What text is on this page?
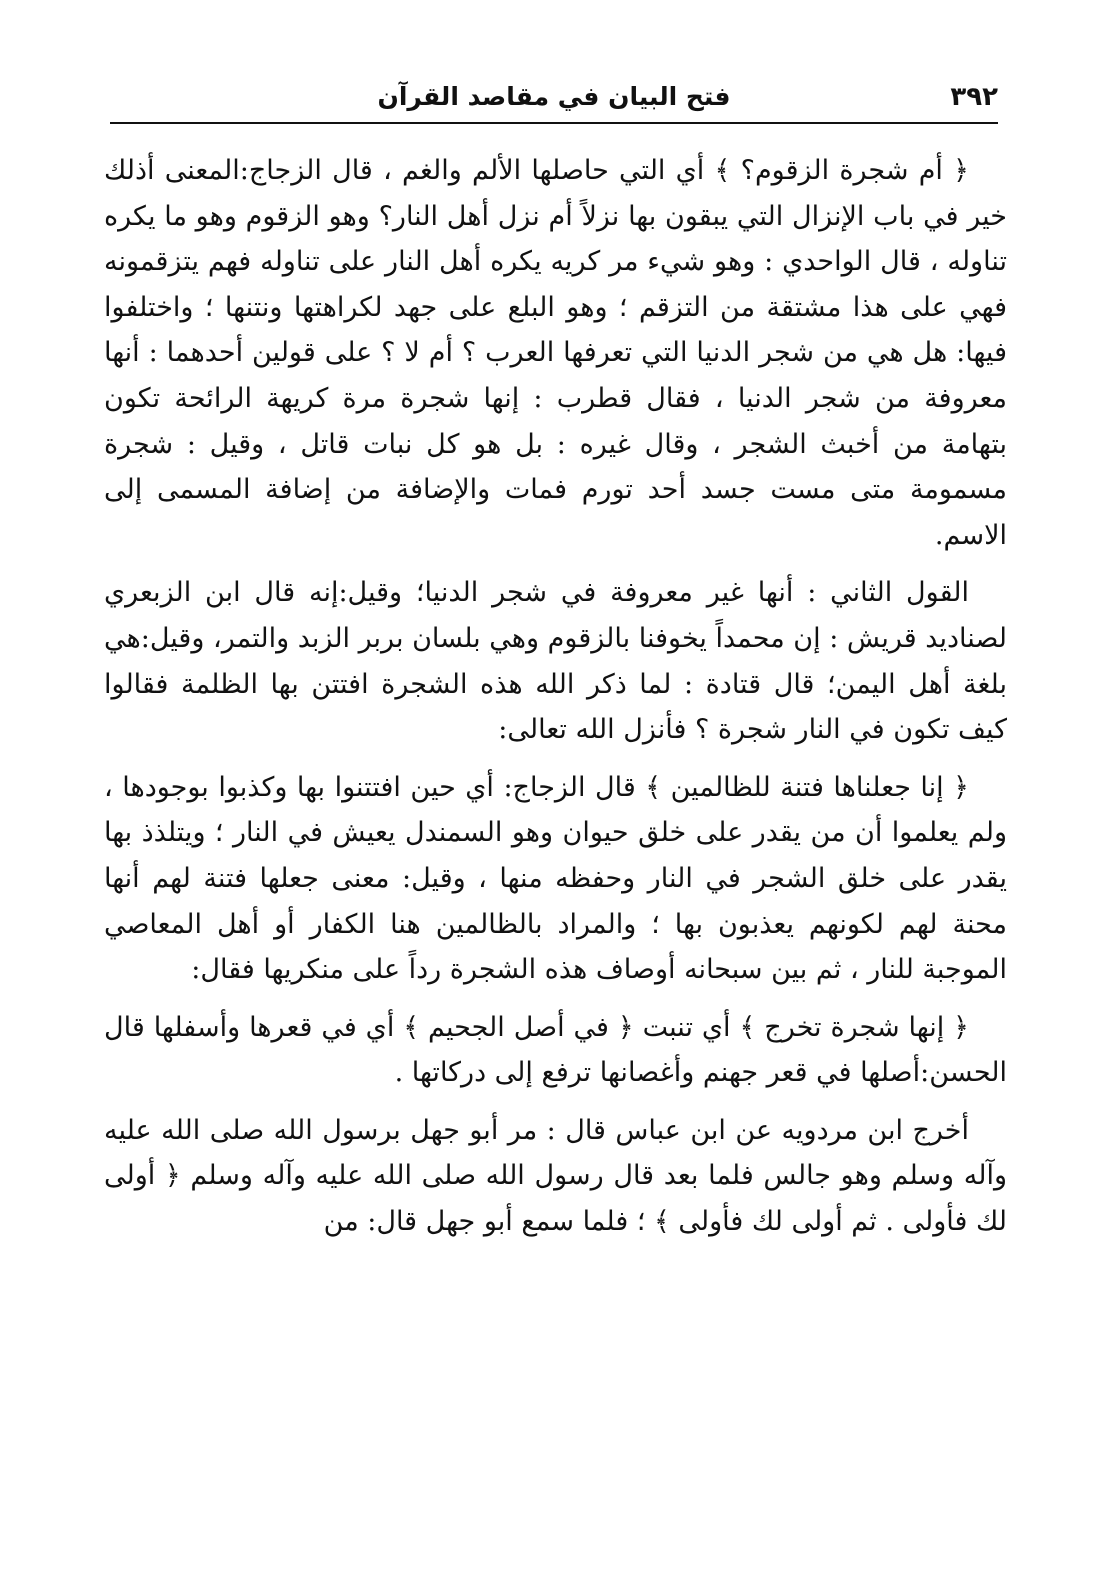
٣٩٢
فتح البيان في مقاصد القرآن

﴿ أم شجرة الزقوم؟ ﴾ أي التي حاصلها الألم والغم ، قال الزجاج:المعنى أذلك خير في باب الإنزال التي يبقون بها نزلاً أم نزل أهل النار؟ وهو الزقوم وهو ما يكره تناوله ، قال الواحدي : وهو شيء مر كريه يكره أهل النار على تناوله فهم يتزقمونه فهي على هذا مشتقة من التزقم ؛ وهو البلع على جهد لكراهتها ونتنها ؛ واختلفوا فيها: هل هي من شجر الدنيا التي تعرفها العرب ؟ أم لا ؟ على قولين أحدهما : أنها معروفة من شجر الدنيا ، فقال قطرب : إنها شجرة مرة كريهة الرائحة تكون بتهامة من أخبث الشجر ، وقال غيره : بل هو كل نبات قاتل ، وقيل : شجرة مسمومة متى مست جسد أحد تورم فمات والإضافة من إضافة المسمى إلى الاسم.

القول الثاني : أنها غير معروفة في شجر الدنيا؛ وقيل:إنه قال ابن الزبعري لصناديد قريش : إن محمداً يخوفنا بالزقوم وهي بلسان بربر الزبد والتمر، وقيل:هي بلغة أهل اليمن؛ قال قتادة : لما ذكر الله هذه الشجرة افتتن بها الظلمة فقالوا كيف تكون في النار شجرة ؟ فأنزل الله تعالى:

﴿ إنا جعلناها فتنة للظالمين ﴾ قال الزجاج: أي حين افتتنوا بها وكذبوا بوجودها ، ولم يعلموا أن من يقدر على خلق حيوان وهو السمندل يعيش في النار ؛ ويتلذذ بها يقدر على خلق الشجر في النار وحفظه منها ، وقيل: معنى جعلها فتنة لهم أنها محنة لهم لكونهم يعذبون بها ؛ والمراد بالظالمين هنا الكفار أو أهل المعاصي الموجبة للنار ، ثم بين سبحانه أوصاف هذه الشجرة رداً على منكريها فقال:

﴿ إنها شجرة تخرج ﴾ أي تنبت ﴿ في أصل الجحيم ﴾ أي في قعرها وأسفلها قال الحسن:أصلها في قعر جهنم وأغصانها ترفع إلى دركاتها .

أخرج ابن مردويه عن ابن عباس قال : مر أبو جهل برسول الله صلى الله عليه وآله وسلم وهو جالس فلما بعد قال رسول الله صلى الله عليه وآله وسلم ﴿ أولى لك فأولى . ثم أولى لك فأولى ﴾ ؛ فلما سمع أبو جهل قال: من
